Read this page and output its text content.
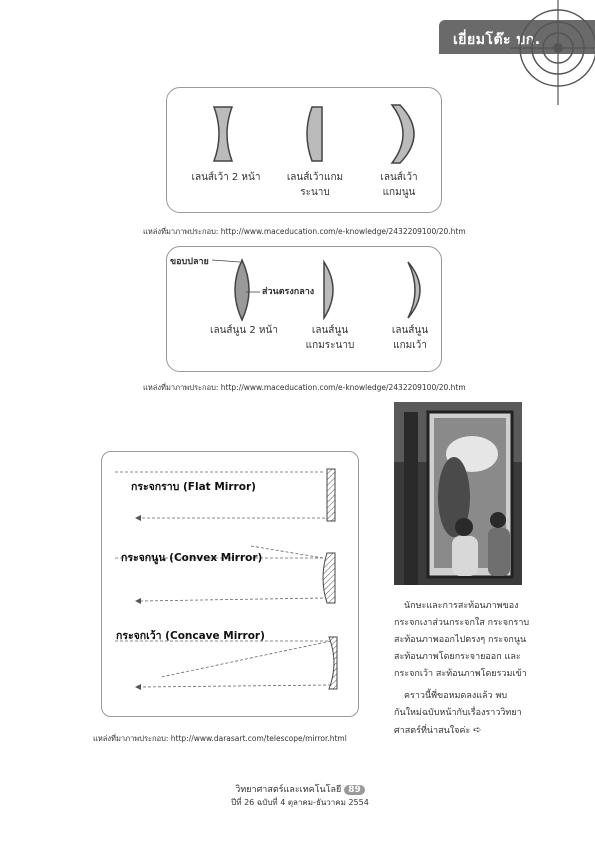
เยี่ยมโต๊ะ บก.
เลนส์เว้า 2 หน้า	เลนส์เว้าแกม
ระนาบ
เลนส์เว้า
แกมนูน
แหล่งที่มาภาพประกอบ: http://www.maceducation.com/e-knowledge/2432209100/20.htm
ขอบปลาย
ส่วนตรงกลาง
เลนส์นูน 2 หน้า	เลนส์นูน
แกมระนาบ
เลนส์นูน
แกมเว้า
แหล่งที่มาภาพประกอบ: http://www.maceducation.com/e-knowledge/2432209100/20.htm
กระจกราบ (Flat Mirror)
กระจกนูน (Convex Mirror)
กระจกเว้า (Concave Mirror)
แหล่งที่มาภาพประกอบ: http://www.darasart.com/telescope/mirror.html
นักษะและการสะท้อนภาพของ
กระจกเงาส่วนกระจกใส กระจกราบ
สะท้อนภาพออกไปตรงๆ กระจกนูน
สะท้อนภาพโดยกระจายออก และ
กระจกเว้า สะท้อนภาพโดยรวมเข้า
คราวนี้พี่ขอหมดลงแล้ว พบ
กันใหม่ฉบับหน้ากับเรื่องราววิทยา
ศาสตร์ที่น่าสนใจค่ะ ➪
วิทยาศาสตร์และเทคโนโลยี 89
ปีที่ 26 ฉบับที่ 4 ตุลาคม-ธันวาคม 2554
